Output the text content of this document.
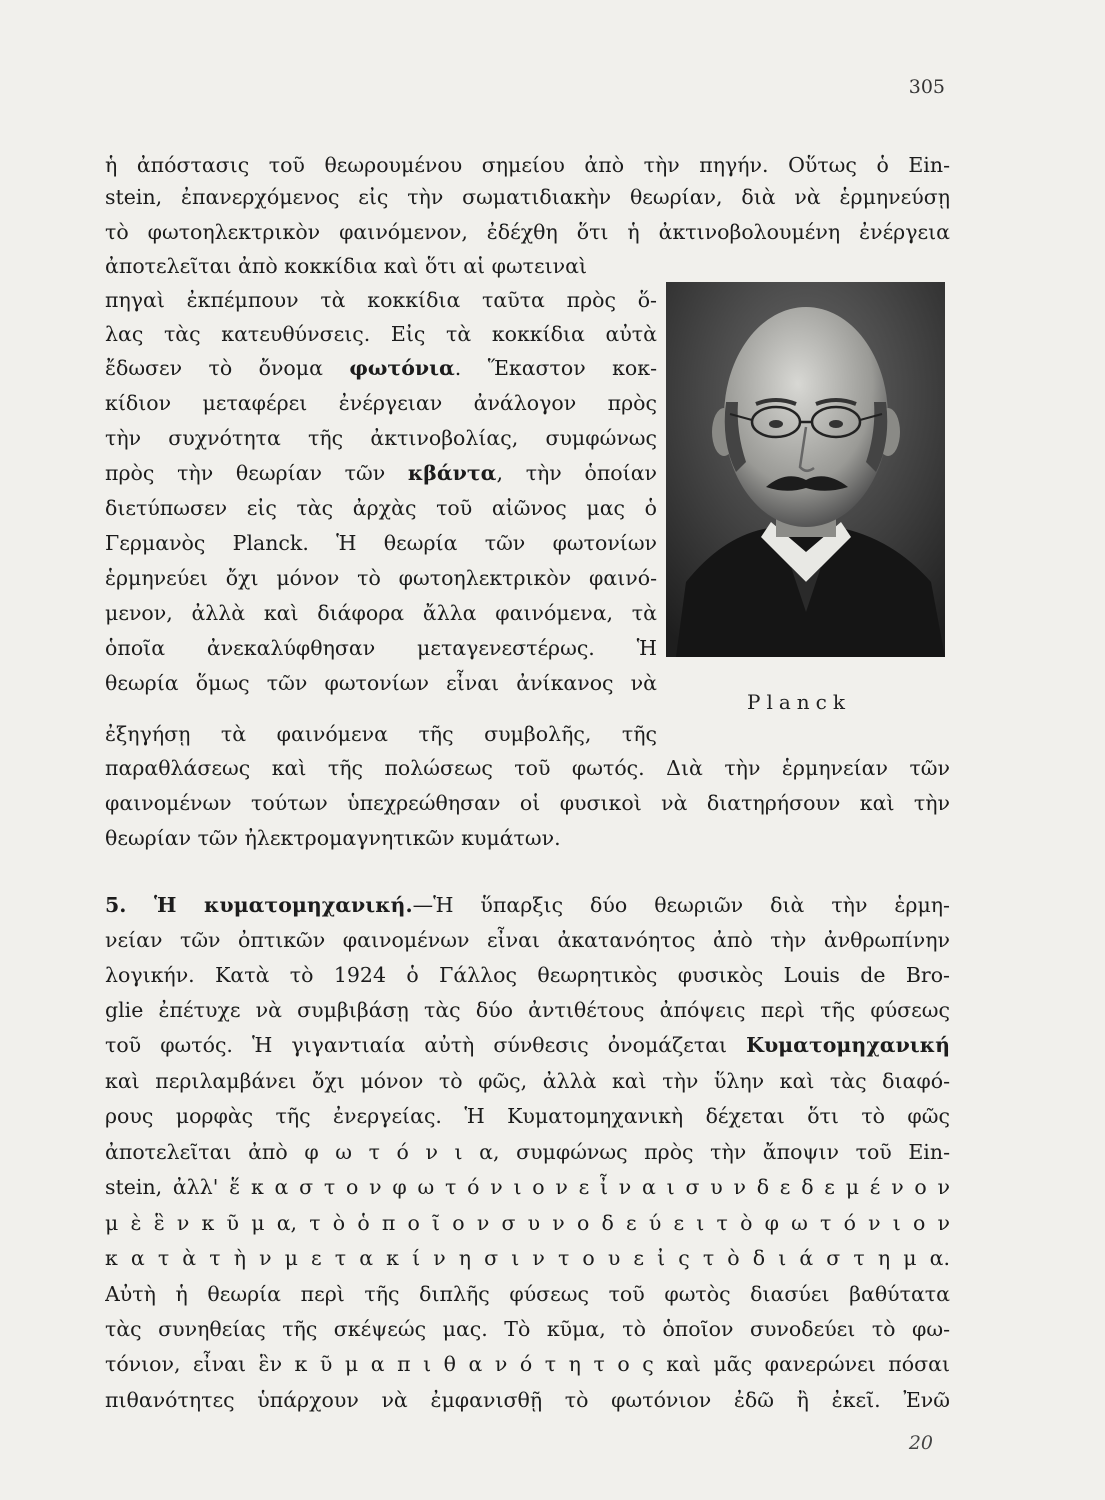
305
ἡ ἀπόστασις τοῦ θεωρουμένου σημείου ἀπὸ τὴν πηγήν. Οὕτως ὁ Ein-
stein, ἐπανερχόμενος εἰς τὴν σωματιδιακὴν θεωρίαν, διὰ νὰ ἑρμηνεύσῃ
τὸ φωτοηλεκτρικὸν φαινόμενον, ἐδέχθη ὅτι ἡ ἀκτινοβολουμένη ἐνέργεια
ἀποτελεῖται ἀπὸ κοκκίδια καὶ ὅτι αἱ φωτειναὶ
πηγαὶ ἐκπέμπουν τὰ κοκκίδια ταῦτα πρὸς ὅ-
λας τὰς κατευθύνσεις. Εἰς τὰ κοκκίδια αὐτὰ
ἔδωσεν τὸ ὄνομα φωτόνια. Ἕκαστον κοκ-
κίδιον μεταφέρει ἐνέργειαν ἀνάλογον πρὸς
τὴν συχνότητα τῆς ἀκτινοβολίας, συμφώνως
πρὸς τὴν θεωρίαν τῶν κβάντα, τὴν ὁποίαν
διετύπωσεν εἰς τὰς ἀρχὰς τοῦ αἰῶνος μας ὁ
Γερμανὸς Planck. Ἡ θεωρία τῶν φωτονίων
ἑρμηνεύει ὄχι μόνον τὸ φωτοηλεκτρικὸν φαινό-
μενον, ἀλλὰ καὶ διάφορα ἄλλα φαινόμενα, τὰ
ὁποῖα ἀνεκαλύφθησαν μεταγενεστέρως. Ἡ
θεωρία ὅμως τῶν φωτονίων εἶναι ἀνίκανος νὰ
Planck
ἐξηγήσῃ τὰ φαινόμενα τῆς συμβολῆς, τῆς
παραθλάσεως καὶ τῆς πολώσεως τοῦ φωτός. Διὰ τὴν ἑρμηνείαν τῶν
φαινομένων τούτων ὑπεχρεώθησαν οἱ φυσικοὶ νὰ διατηρήσουν καὶ τὴν
θεωρίαν τῶν ἠλεκτρομαγνητικῶν κυμάτων.
5. Ἡ κυματομηχανική.—Ἡ ὕπαρξις δύο θεωριῶν διὰ τὴν ἑρμη-
νείαν τῶν ὀπτικῶν φαινομένων εἶναι ἀκατανόητος ἀπὸ τὴν ἀνθρωπίνην
λογικήν. Κατὰ τὸ 1924 ὁ Γάλλος θεωρητικὸς φυσικὸς Louis de Bro-
glie ἐπέτυχε νὰ συμβιβάσῃ τὰς δύο ἀντιθέτους ἀπόψεις περὶ τῆς φύσεως
τοῦ φωτός. Ἡ γιγαντιαία αὐτὴ σύνθεσις ὀνομάζεται Κυματομηχανική
καὶ περιλαμβάνει ὄχι μόνον τὸ φῶς, ἀλλὰ καὶ τὴν ὕλην καὶ τὰς διαφό-
ρους μορφὰς τῆς ἐνεργείας. Ἡ Κυματομηχανικὴ δέχεται ὅτι τὸ φῶς
ἀποτελεῖται ἀπὸ φ ω τ ό ν ι α, συμφώνως πρὸς τὴν ἄποψιν τοῦ Ein-
stein, ἀλλ' ἕ κ α σ τ ο ν φ ω τ ό ν ι ο ν ε ἶ ν α ι σ υ ν δ ε δ ε μ έ ν ο ν
μ ὲ ἓ ν κ ῦ μ α, τ ὸ ὁ π ο ῖ ο ν σ υ ν ο δ ε ύ ε ι τ ὸ φ ω τ ό ν ι ο ν
κ α τ ὰ τ ὴ ν μ ε τ α κ ί ν η σ ι ν τ ο υ ε ἰ ς τ ὸ δ ι ά σ τ η μ α.
Αὐτὴ ἡ θεωρία περὶ τῆς διπλῆς φύσεως τοῦ φωτὸς διασύει βαθύτατα
τὰς συνηθείας τῆς σκέψεώς μας. Τὸ κῦμα, τὸ ὁποῖον συνοδεύει τὸ φω-
τόνιον, εἶναι ἓν κ ῦ μ α π ι θ α ν ό τ η τ ο ς καὶ μᾶς φανερώνει πόσαι
πιθανότητες ὑπάρχουν νὰ ἐμφανισθῇ τὸ φωτόνιον ἐδῶ ἢ ἐκεῖ. Ἐνῶ
20
